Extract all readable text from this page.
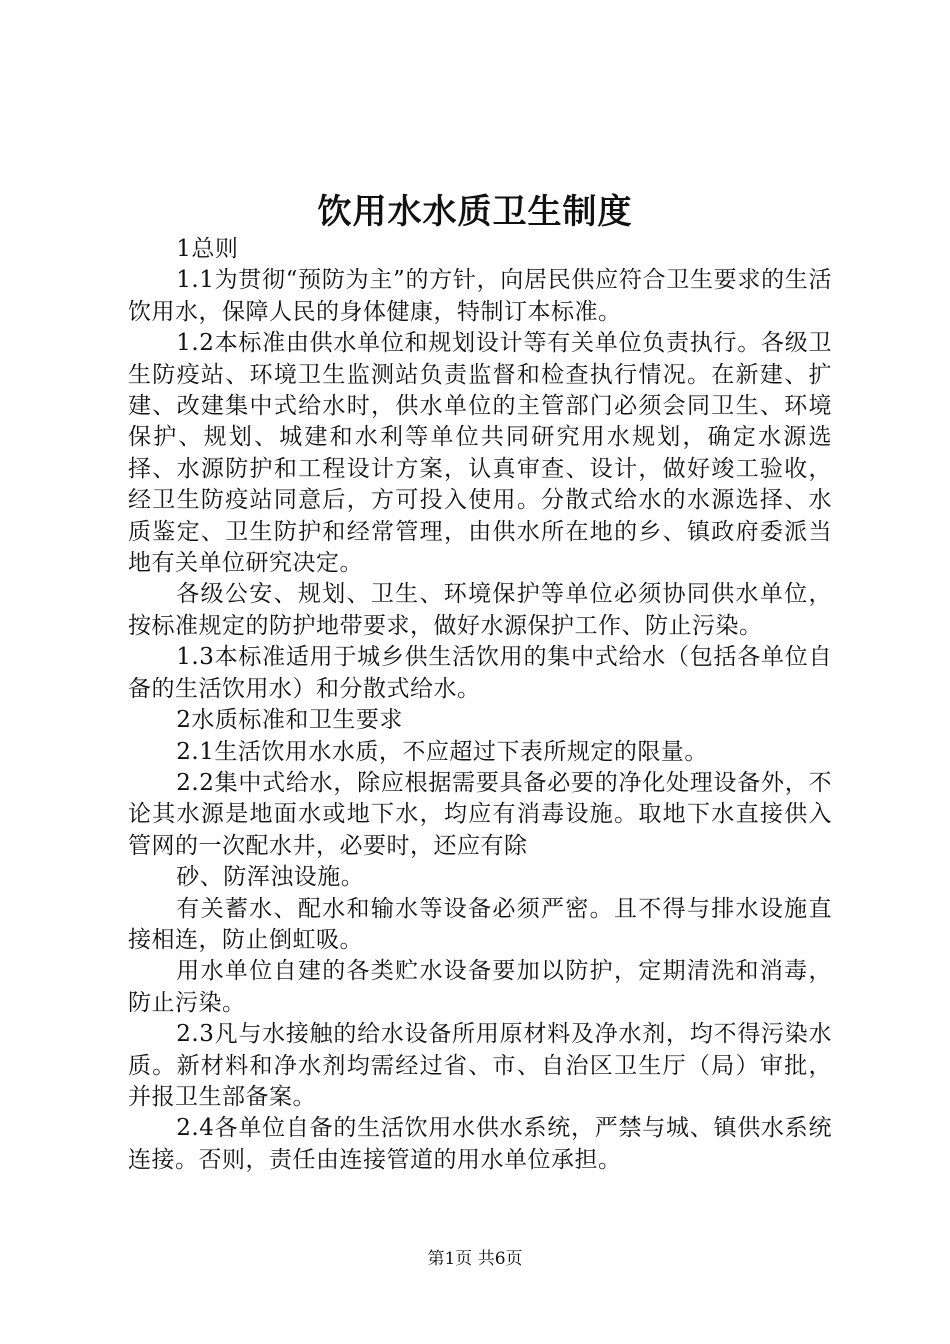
饮用水水质卫生制度

1总则

1.1为贯彻“预防为主”的方针，向居民供应符合卫生要求的生活饮用水，保障人民的身体健康，特制订本标准。

1.2本标准由供水单位和规划设计等有关单位负责执行。各级卫生防疫站、环境卫生监测站负责监督和检查执行情况。在新建、扩建、改建集中式给水时，供水单位的主管部门必须会同卫生、环境保护、规划、城建和水利等单位共同研究用水规划，确定水源选择、水源防护和工程设计方案，认真审查、设计，做好竣工验收，经卫生防疫站同意后，方可投入使用。分散式给水的水源选择、水质鉴定、卫生防护和经常管理，由供水所在地的乡、镇政府委派当地有关单位研究决定。

各级公安、规划、卫生、环境保护等单位必须协同供水单位，按标准规定的防护地带要求，做好水源保护工作、防止污染。

1.3本标准适用于城乡供生活饮用的集中式给水（包括各单位自备的生活饮用水）和分散式给水。

2水质标准和卫生要求

2.1生活饮用水水质，不应超过下表所规定的限量。

2.2集中式给水，除应根据需要具备必要的净化处理设备外，不论其水源是地面水或地下水，均应有消毒设施。取地下水直接供入管网的一次配水井，必要时，还应有除

砂、防浑浊设施。

有关蓄水、配水和输水等设备必须严密。且不得与排水设施直接相连，防止倒虹吸。

用水单位自建的各类贮水设备要加以防护，定期清洗和消毒，防止污染。

2.3凡与水接触的给水设备所用原材料及净水剂，均不得污染水质。新材料和净水剂均需经过省、市、自治区卫生厅（局）审批，并报卫生部备案。

2.4各单位自备的生活饮用水供水系统，严禁与城、镇供水系统连接。否则，责任由连接管道的用水单位承担。

第1页 共6页
